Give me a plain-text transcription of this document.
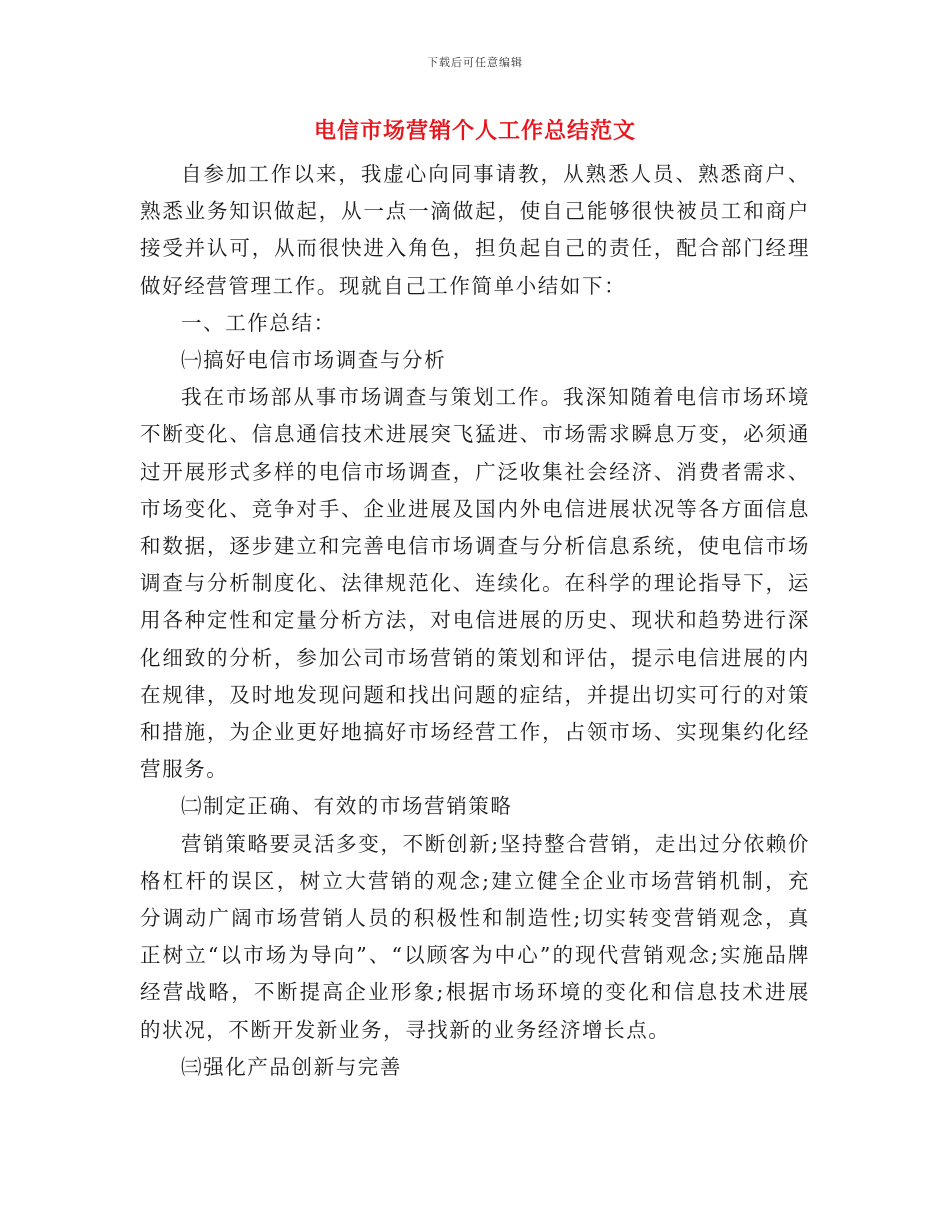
下载后可任意编辑
电信市场营销个人工作总结范文

自参加工作以来，我虚心向同事请教，从熟悉人员、熟悉商户、熟悉业务知识做起，从一点一滴做起，使自己能够很快被员工和商户接受并认可，从而很快进入角色，担负起自己的责任，配合部门经理做好经营管理工作。现就自己工作简单小结如下：

一、工作总结：

㈠搞好电信市场调查与分析

我在市场部从事市场调查与策划工作。我深知随着电信市场环境不断变化、信息通信技术进展突飞猛进、市场需求瞬息万变，必须通过开展形式多样的电信市场调查，广泛收集社会经济、消费者需求、市场变化、竞争对手、企业进展及国内外电信进展状况等各方面信息和数据，逐步建立和完善电信市场调查与分析信息系统，使电信市场调查与分析制度化、法律规范化、连续化。在科学的理论指导下，运用各种定性和定量分析方法，对电信进展的历史、现状和趋势进行深化细致的分析，参加公司市场营销的策划和评估，提示电信进展的内在规律，及时地发现问题和找出问题的症结，并提出切实可行的对策和措施，为企业更好地搞好市场经营工作，占领市场、实现集约化经营服务。

㈡制定正确、有效的市场营销策略

营销策略要灵活多变，不断创新;坚持整合营销，走出过分依赖价格杠杆的误区，树立大营销的观念;建立健全企业市场营销机制，充分调动广阔市场营销人员的积极性和制造性;切实转变营销观念，真正树立“以市场为导向”、“以顾客为中心”的现代营销观念;实施品牌经营战略，不断提高企业形象;根据市场环境的变化和信息技术进展的状况，不断开发新业务，寻找新的业务经济增长点。

㈢强化产品创新与完善
